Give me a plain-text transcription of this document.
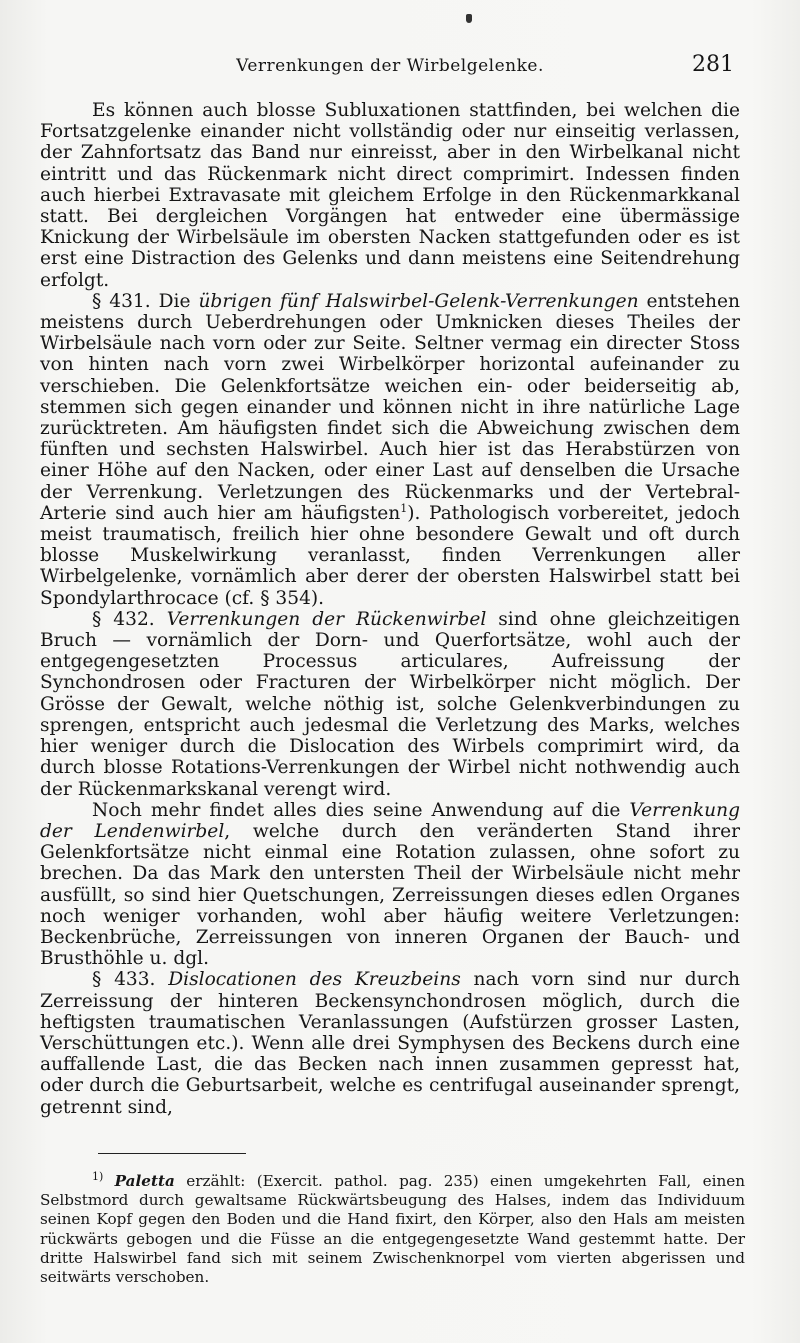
Verrenkungen der Wirbelgelenke.	281

Es können auch blosse Subluxationen stattfinden, bei welchen die Fortsatzgelenke einander nicht vollständig oder nur einseitig verlassen, der Zahnfortsatz das Band nur einreisst, aber in den Wirbelkanal nicht eintritt und das Rückenmark nicht direct comprimirt. Indessen finden auch hierbei Extravasate mit gleichem Erfolge in den Rückenmarkkanal statt. Bei dergleichen Vorgängen hat entweder eine übermässige Knickung der Wirbelsäule im obersten Nacken stattgefunden oder es ist erst eine Distraction des Gelenks und dann meistens eine Seitendrehung erfolgt.

§ 431. Die übrigen fünf Halswirbel-Gelenk-Verrenkungen entstehen meistens durch Ueberdrehungen oder Umknicken dieses Theiles der Wirbelsäule nach vorn oder zur Seite. Seltner vermag ein directer Stoss von hinten nach vorn zwei Wirbelkörper horizontal aufeinander zu verschieben. Die Gelenkfortsätze weichen ein- oder beiderseitig ab, stemmen sich gegen einander und können nicht in ihre natürliche Lage zurücktreten. Am häufigsten findet sich die Abweichung zwischen dem fünften und sechsten Halswirbel. Auch hier ist das Herabstürzen von einer Höhe auf den Nacken, oder einer Last auf denselben die Ursache der Verrenkung. Verletzungen des Rückenmarks und der Vertebral-Arterie sind auch hier am häufigsten$^1$). Pathologisch vorbereitet, jedoch meist traumatisch, freilich hier ohne besondere Gewalt und oft durch blosse Muskelwirkung veranlasst, finden Verrenkungen aller Wirbelgelenke, vornämlich aber derer der obersten Halswirbel statt bei Spondylarthrocace (cf. § 354).

§ 432. Verrenkungen der Rückenwirbel sind ohne gleichzeitigen Bruch — vornämlich der Dorn- und Querfortsätze, wohl auch der entgegengesetzten Processus articulares, Aufreissung der Synchondrosen oder Fracturen der Wirbelkörper nicht möglich. Der Grösse der Gewalt, welche nöthig ist, solche Gelenkverbindungen zu sprengen, entspricht auch jedesmal die Verletzung des Marks, welches hier weniger durch die Dislocation des Wirbels comprimirt wird, da durch blosse Rotations-Verrenkungen der Wirbel nicht nothwendig auch der Rückenmarkskanal verengt wird.

Noch mehr findet alles dies seine Anwendung auf die Verrenkung der Lendenwirbel, welche durch den veränderten Stand ihrer Gelenkfortsätze nicht einmal eine Rotation zulassen, ohne sofort zu brechen. Da das Mark den untersten Theil der Wirbelsäule nicht mehr ausfüllt, so sind hier Quetschungen, Zerreissungen dieses edlen Organes noch weniger vorhanden, wohl aber häufig weitere Verletzungen: Beckenbrüche, Zerreissungen von inneren Organen der Bauch- und Brusthöhle u. dgl.

§ 433. Dislocationen des Kreuzbeins nach vorn sind nur durch Zerreissung der hinteren Beckensynchondrosen möglich, durch die heftigsten traumatischen Veranlassungen (Aufstürzen grosser Lasten, Verschüttungen etc.). Wenn alle drei Symphysen des Beckens durch eine auffallende Last, die das Becken nach innen zusammen gepresst hat, oder durch die Geburtsarbeit, welche es centrifugal auseinander sprengt, getrennt sind,

$^{1)}$ Paletta erzählt: (Exercit. pathol. pag. 235) einen umgekehrten Fall, einen Selbstmord durch gewaltsame Rückwärtsbeugung des Halses, indem das Individuum seinen Kopf gegen den Boden und die Hand fixirt, den Körper, also den Hals am meisten rückwärts gebogen und die Füsse an die entgegengesetzte Wand gestemmt hatte. Der dritte Halswirbel fand sich mit seinem Zwischenknorpel vom vierten abgerissen und seitwärts verschoben.
